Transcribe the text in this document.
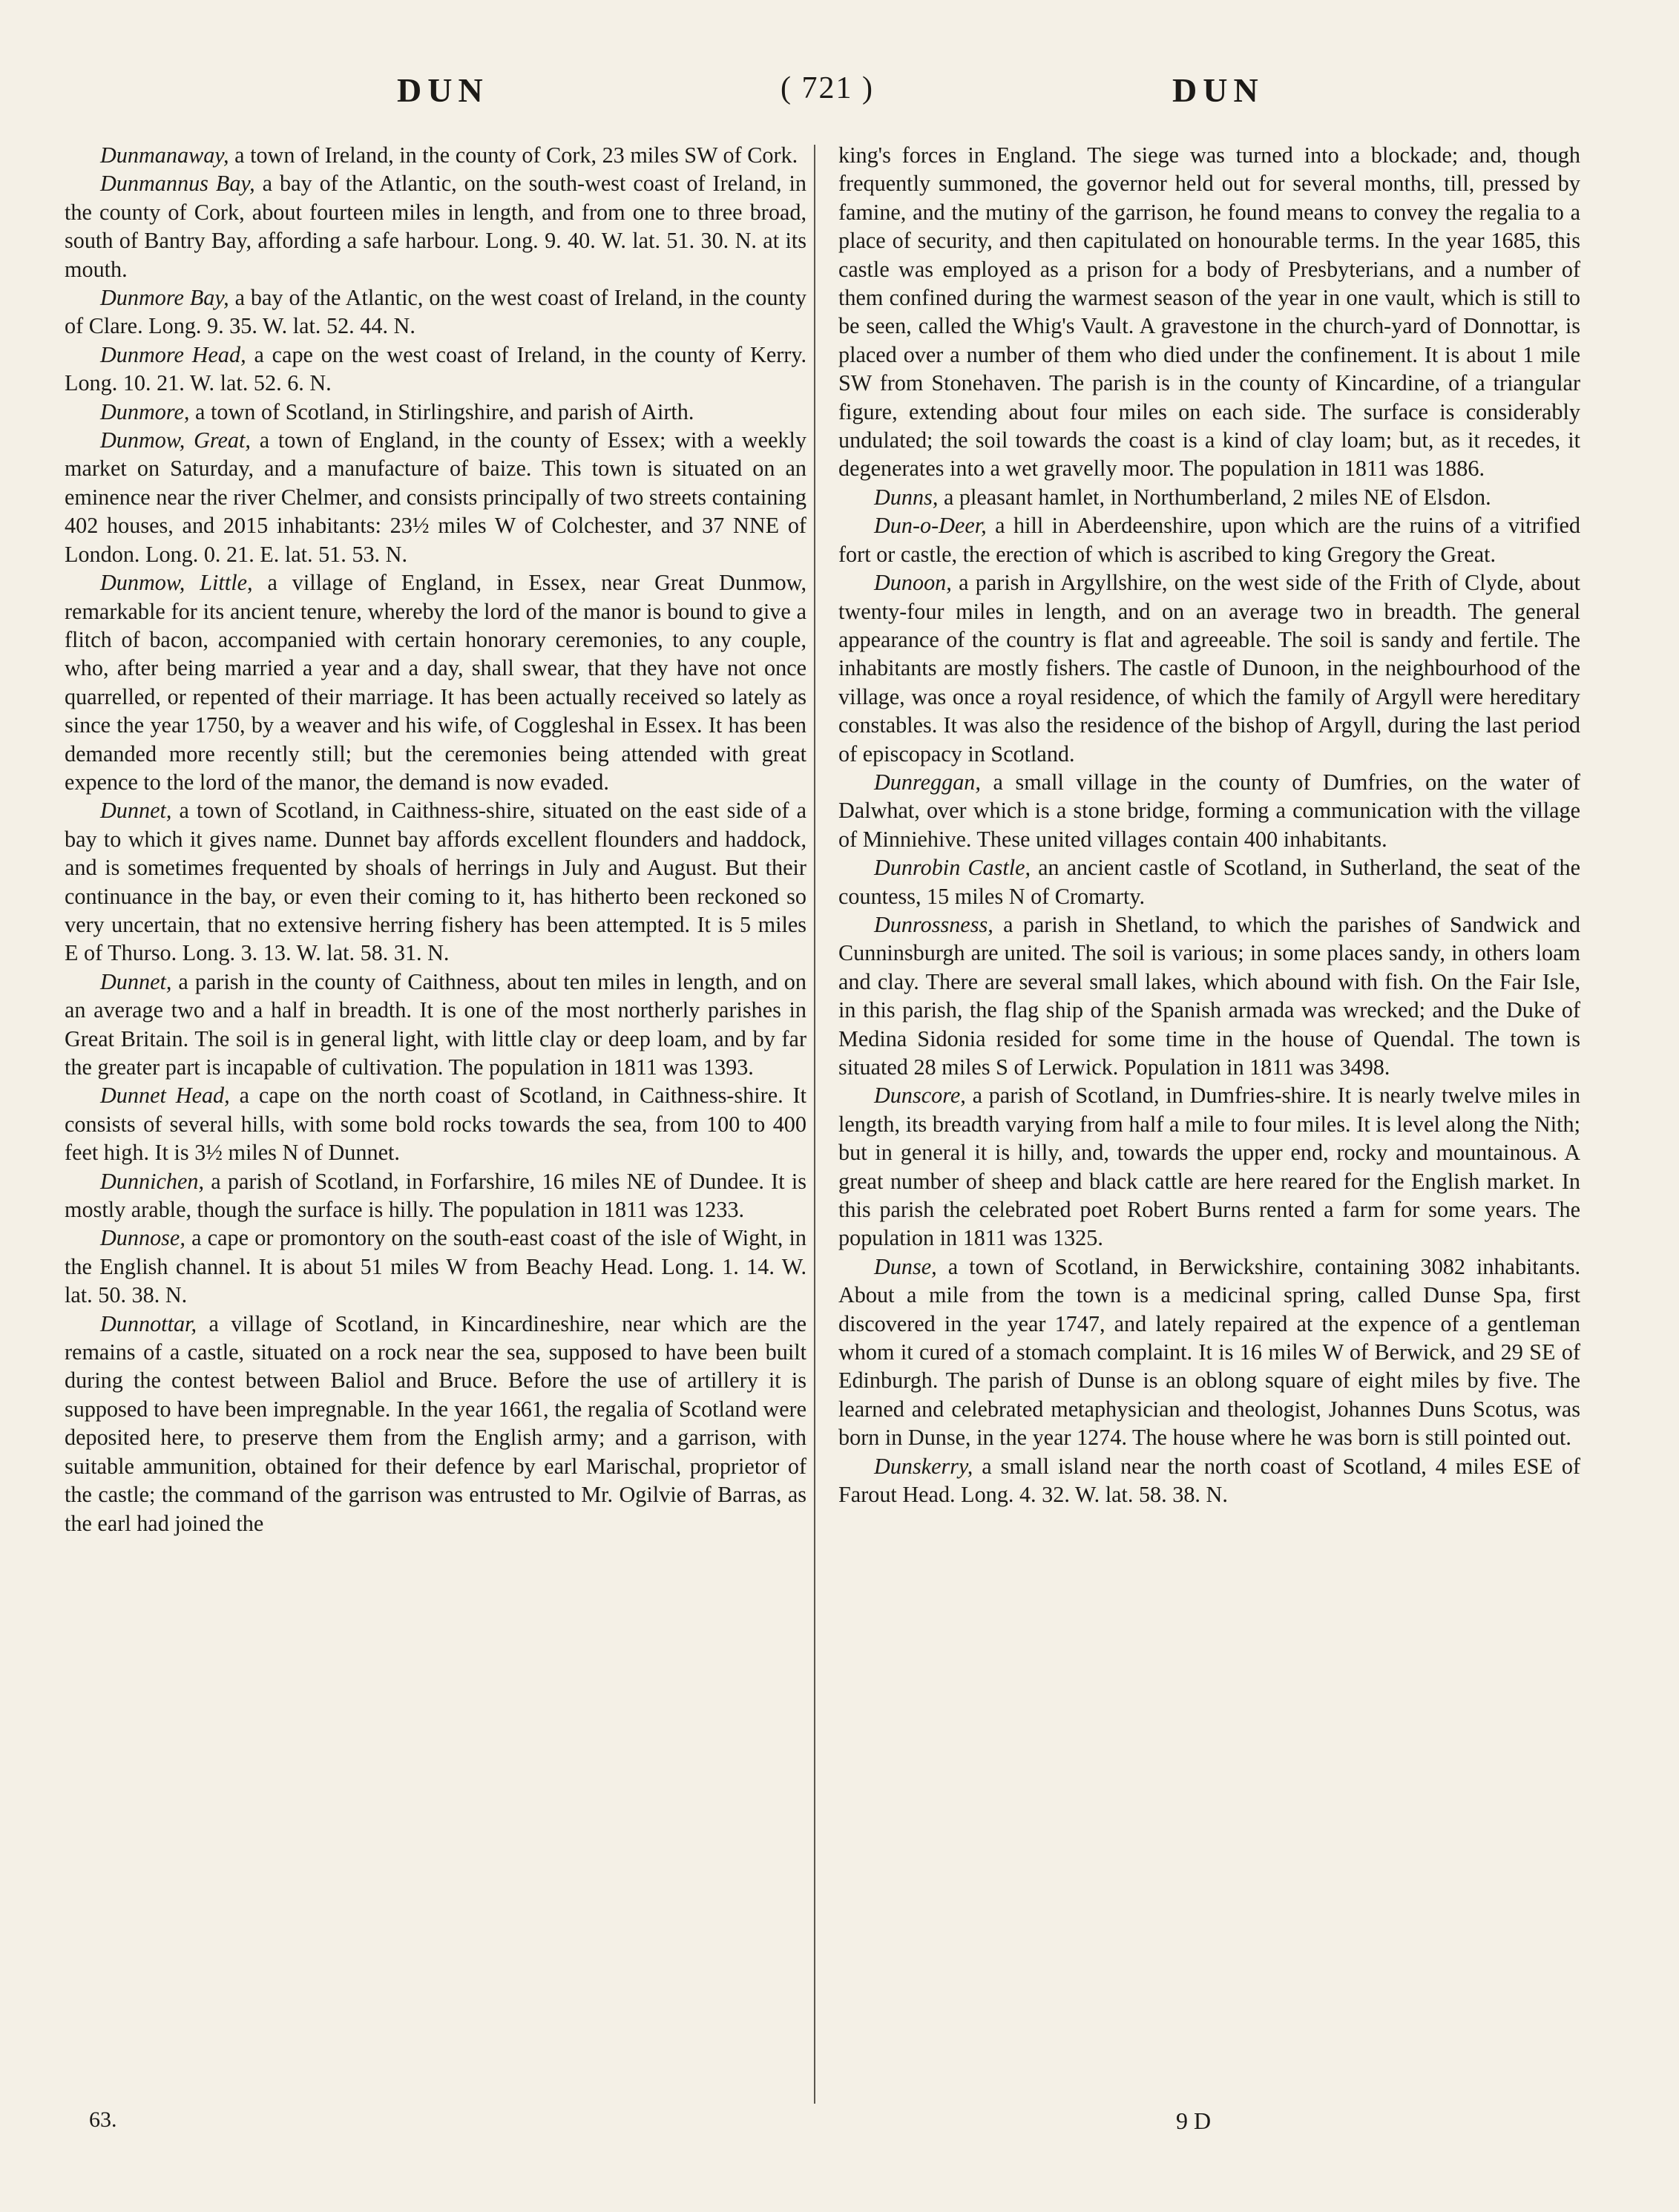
DUN	( 721 )	DUN

Dunmanaway, a town of Ireland, in the county of Cork, 23 miles SW of Cork.

Dunmannus Bay, a bay of the Atlantic, on the south-west coast of Ireland, in the county of Cork, about fourteen miles in length, and from one to three broad, south of Bantry Bay, affording a safe harbour. Long. 9. 40. W. lat. 51. 30. N. at its mouth.

Dunmore Bay, a bay of the Atlantic, on the west coast of Ireland, in the county of Clare. Long. 9. 35. W. lat. 52. 44. N.

Dunmore Head, a cape on the west coast of Ireland, in the county of Kerry. Long. 10. 21. W. lat. 52. 6. N.

Dunmore, a town of Scotland, in Stirlingshire, and parish of Airth.

Dunmow, Great, a town of England, in the county of Essex; with a weekly market on Saturday, and a manufacture of baize. This town is situated on an eminence near the river Chelmer, and consists principally of two streets containing 402 houses, and 2015 inhabitants: 23½ miles W of Colchester, and 37 NNE of London. Long. 0. 21. E. lat. 51. 53. N.

Dunmow, Little, a village of England, in Essex, near Great Dunmow, remarkable for its ancient tenure, whereby the lord of the manor is bound to give a flitch of bacon, accompanied with certain honorary ceremonies, to any couple, who, after being married a year and a day, shall swear, that they have not once quarrelled, or repented of their marriage. It has been actually received so lately as since the year 1750, by a weaver and his wife, of Coggleshal in Essex. It has been demanded more recently still; but the ceremonies being attended with great expence to the lord of the manor, the demand is now evaded.

Dunnet, a town of Scotland, in Caithness-shire, situated on the east side of a bay to which it gives name. Dunnet bay affords excellent flounders and haddock, and is sometimes frequented by shoals of herrings in July and August. But their continuance in the bay, or even their coming to it, has hitherto been reckoned so very uncertain, that no extensive herring fishery has been attempted. It is 5 miles E of Thurso. Long. 3. 13. W. lat. 58. 31. N.

Dunnet, a parish in the county of Caithness, about ten miles in length, and on an average two and a half in breadth. It is one of the most northerly parishes in Great Britain. The soil is in general light, with little clay or deep loam, and by far the greater part is incapable of cultivation. The population in 1811 was 1393.

Dunnet Head, a cape on the north coast of Scotland, in Caithness-shire. It consists of several hills, with some bold rocks towards the sea, from 100 to 400 feet high. It is 3½ miles N of Dunnet.

Dunnichen, a parish of Scotland, in Forfarshire, 16 miles NE of Dundee. It is mostly arable, though the surface is hilly. The population in 1811 was 1233.

Dunnose, a cape or promontory on the south-east coast of the isle of Wight, in the English channel. It is about 51 miles W from Beachy Head. Long. 1. 14. W. lat. 50. 38. N.

Dunnottar, a village of Scotland, in Kincardineshire, near which are the remains of a castle, situated on a rock near the sea, supposed to have been built during the contest between Baliol and Bruce. Before the use of artillery it is supposed to have been impregnable. In the year 1661, the regalia of Scotland were deposited here, to preserve them from the English army; and a garrison, with suitable ammunition, obtained for their defence by earl Marischal, proprietor of the castle; the command of the garrison was entrusted to Mr. Ogilvie of Barras, as the earl had joined the

king's forces in England. The siege was turned into a blockade; and, though frequently summoned, the governor held out for several months, till, pressed by famine, and the mutiny of the garrison, he found means to convey the regalia to a place of security, and then capitulated on honourable terms. In the year 1685, this castle was employed as a prison for a body of Presbyterians, and a number of them confined during the warmest season of the year in one vault, which is still to be seen, called the Whig's Vault. A gravestone in the church-yard of Donnottar, is placed over a number of them who died under the confinement. It is about 1 mile SW from Stonehaven. The parish is in the county of Kincardine, of a triangular figure, extending about four miles on each side. The surface is considerably undulated; the soil towards the coast is a kind of clay loam; but, as it recedes, it degenerates into a wet gravelly moor. The population in 1811 was 1886.

Dunns, a pleasant hamlet, in Northumberland, 2 miles NE of Elsdon.

Dun-o-Deer, a hill in Aberdeenshire, upon which are the ruins of a vitrified fort or castle, the erection of which is ascribed to king Gregory the Great.

Dunoon, a parish in Argyllshire, on the west side of the Frith of Clyde, about twenty-four miles in length, and on an average two in breadth. The general appearance of the country is flat and agreeable. The soil is sandy and fertile. The inhabitants are mostly fishers. The castle of Dunoon, in the neighbourhood of the village, was once a royal residence, of which the family of Argyll were hereditary constables. It was also the residence of the bishop of Argyll, during the last period of episcopacy in Scotland.

Dunreggan, a small village in the county of Dumfries, on the water of Dalwhat, over which is a stone bridge, forming a communication with the village of Minniehive. These united villages contain 400 inhabitants.

Dunrobin Castle, an ancient castle of Scotland, in Sutherland, the seat of the countess, 15 miles N of Cromarty.

Dunrossness, a parish in Shetland, to which the parishes of Sandwick and Cunninsburgh are united. The soil is various; in some places sandy, in others loam and clay. There are several small lakes, which abound with fish. On the Fair Isle, in this parish, the flag ship of the Spanish armada was wrecked; and the Duke of Medina Sidonia resided for some time in the house of Quendal. The town is situated 28 miles S of Lerwick. Population in 1811 was 3498.

Dunscore, a parish of Scotland, in Dumfries-shire. It is nearly twelve miles in length, its breadth varying from half a mile to four miles. It is level along the Nith; but in general it is hilly, and, towards the upper end, rocky and mountainous. A great number of sheep and black cattle are here reared for the English market. In this parish the celebrated poet Robert Burns rented a farm for some years. The population in 1811 was 1325.

Dunse, a town of Scotland, in Berwickshire, containing 3082 inhabitants. About a mile from the town is a medicinal spring, called Dunse Spa, first discovered in the year 1747, and lately repaired at the expence of a gentleman whom it cured of a stomach complaint. It is 16 miles W of Berwick, and 29 SE of Edinburgh. The parish of Dunse is an oblong square of eight miles by five. The learned and celebrated metaphysician and theologist, Johannes Duns Scotus, was born in Dunse, in the year 1274. The house where he was born is still pointed out.

Dunskerry, a small island near the north coast of Scotland, 4 miles ESE of Farout Head. Long. 4. 32. W. lat. 58. 38. N.

63.	9 D
